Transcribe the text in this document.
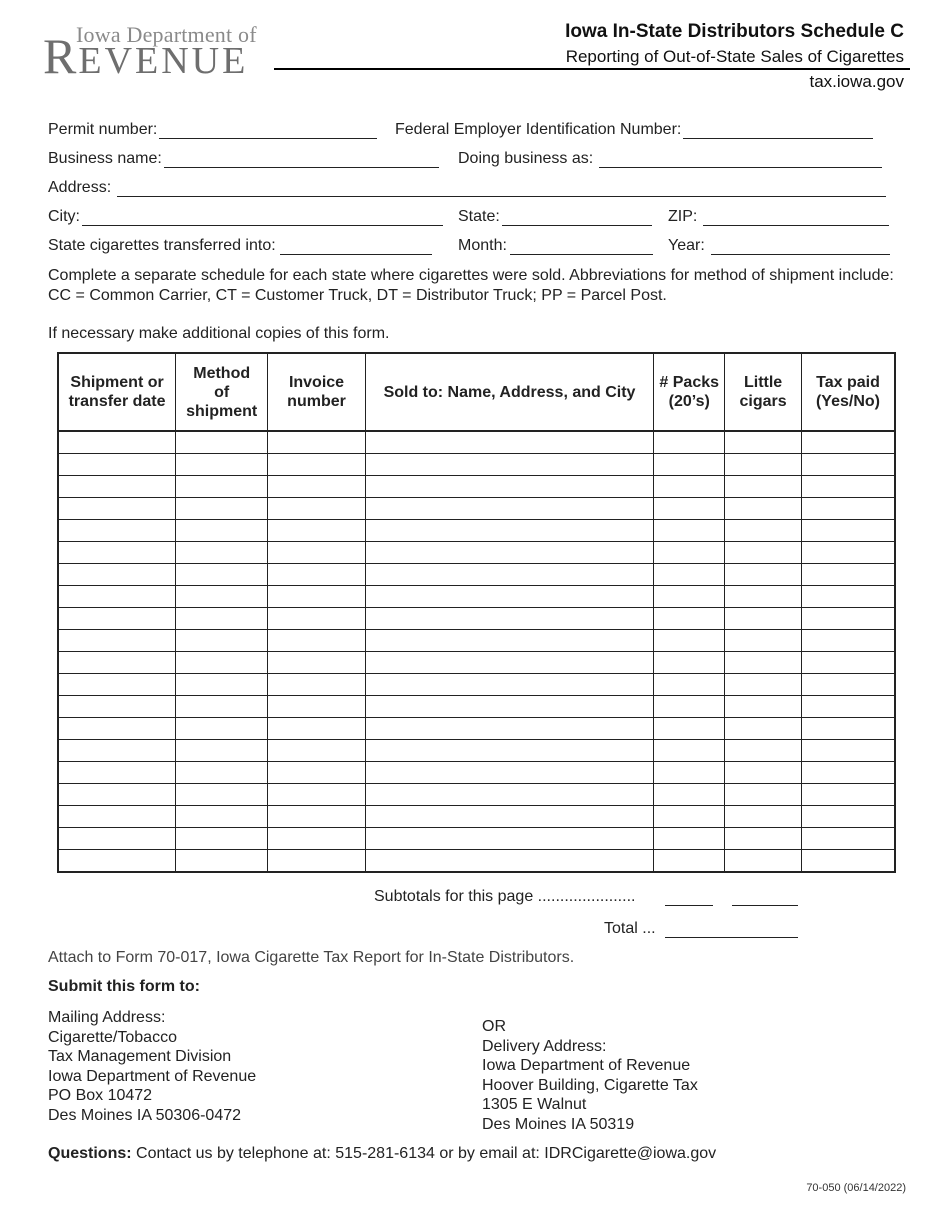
Iowa Department of
REVENUE
Iowa In-State Distributors Schedule C
Reporting of Out-of-State Sales of Cigarettes
tax.iowa.gov
Permit number:	Federal Employer Identification Number:
Business name:	Doing business as:
Address:
City:	State:	ZIP:
State cigarettes transferred into:	Month:	Year:
Complete a separate schedule for each state where cigarettes were sold. Abbreviations for method of shipment include: CC = Common Carrier, CT = Customer Truck, DT = Distributor Truck; PP = Parcel Post.
If necessary make additional copies of this form.
Shipment or transfer date	Method of shipment	Invoice number	Sold to: Name, Address, and City	# Packs (20’s)	Little cigars	Tax paid (Yes/No)

Subtotals for this page ......................
Total ...
Attach to Form 70-017, Iowa Cigarette Tax Report for In-State Distributors.
Submit this form to:
Mailing Address:
Cigarette/Tobacco
Tax Management Division
Iowa Department of Revenue
PO Box 10472
Des Moines IA 50306-0472
OR
Delivery Address:
Iowa Department of Revenue
Hoover Building, Cigarette Tax
1305 E Walnut
Des Moines IA 50319
Questions: Contact us by telephone at: 515-281-6134 or by email at: IDRCigarette@iowa.gov
70-050 (06/14/2022)
